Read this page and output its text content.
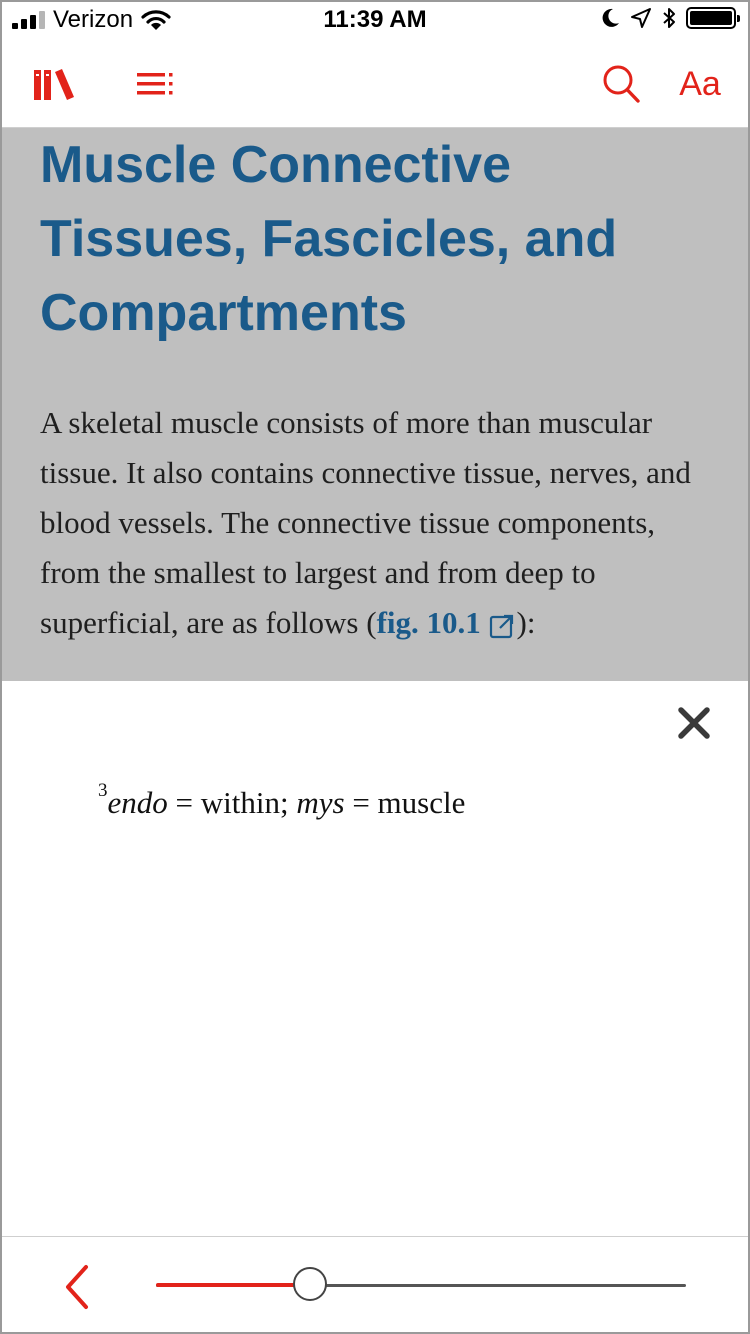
Verizon	11:39 AM
Aa
Muscle Connective Tissues, Fascicles, and Compartments

A skeletal muscle consists of more than muscular tissue. It also contains connective tissue, nerves, and blood vessels. The connective tissue components, from the smallest to largest and from deep to superficial, are as follows (fig. 10.1 ):

$^3$endo = within; mys = muscle
